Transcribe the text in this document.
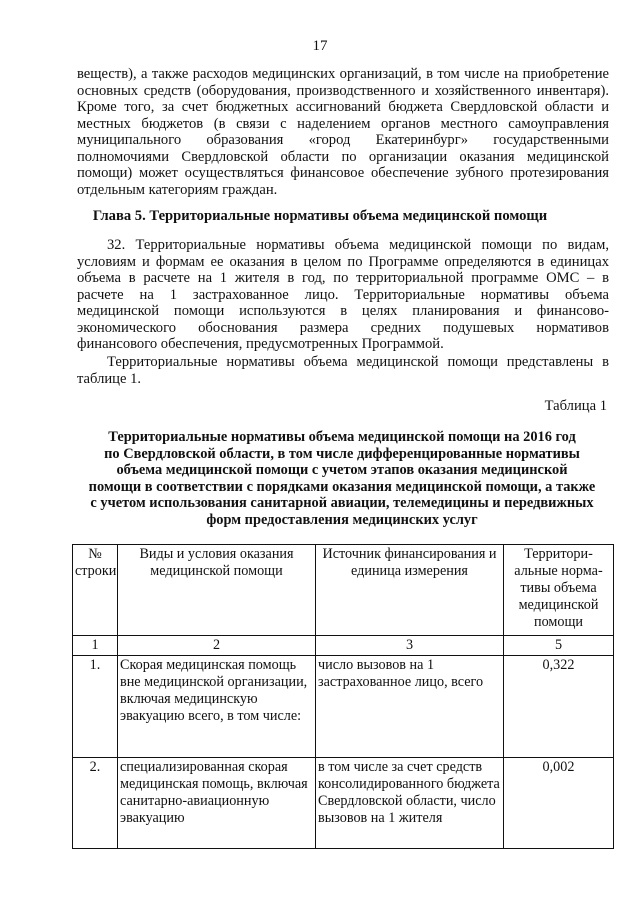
17

веществ), а также расходов медицинских организаций, в том числе на приобретение

основных средств (оборудования, производственного и хозяйственного инвентаря).

Кроме того, за счет бюджетных ассигнований бюджета Свердловской области и

местных бюджетов (в связи с наделением органов местного самоуправления

муниципального образования «город Екатеринбург» государственными

полномочиями Свердловской области по организации оказания медицинской

помощи) может осуществляться финансовое обеспечение зубного протезирования

отдельным категориям граждан.

Глава 5. Территориальные нормативы объема медицинской помощи

32. Территориальные нормативы объема медицинской помощи по видам,

условиям и формам ее оказания в целом по Программе определяются в единицах

объема в расчете на 1 жителя в год, по территориальной программе ОМС – в

расчете на 1 застрахованное лицо. Территориальные нормативы объема

медицинской помощи используются в целях планирования и финансово-

экономического обоснования размера средних подушевых нормативов

финансового обеспечения, предусмотренных Программой.

Территориальные нормативы объема медицинской помощи представлены в

таблице 1.

Таблица 1
Территориальные нормативы объема медицинской помощи на 2016 год
по Свердловской области, в том числе дифференцированные нормативы
объема медицинской помощи с учетом этапов оказания медицинской
помощи в соответствии с порядками оказания медицинской помощи, а также
с учетом использования санитарной авиации, телемедицины и передвижных
форм предоставления медицинских услуг
№ строки	Виды и условия оказания медицинской помощи	Источник финансирования и единица измерения	Территори-альные норма-тивы объема медицинской помощи
1	2	3	5
1.	Скорая медицинская помощь вне медицинской организации, включая медицинскую эвакуацию всего, в том числе:	число вызовов на 1 застрахованное лицо, всего	0,322
2.	специализированная скорая медицинская помощь, включая санитарно-авиационную эвакуацию	в том числе за счет средств консолидированного бюджета Свердловской области, число вызовов на 1 жителя	0,002
